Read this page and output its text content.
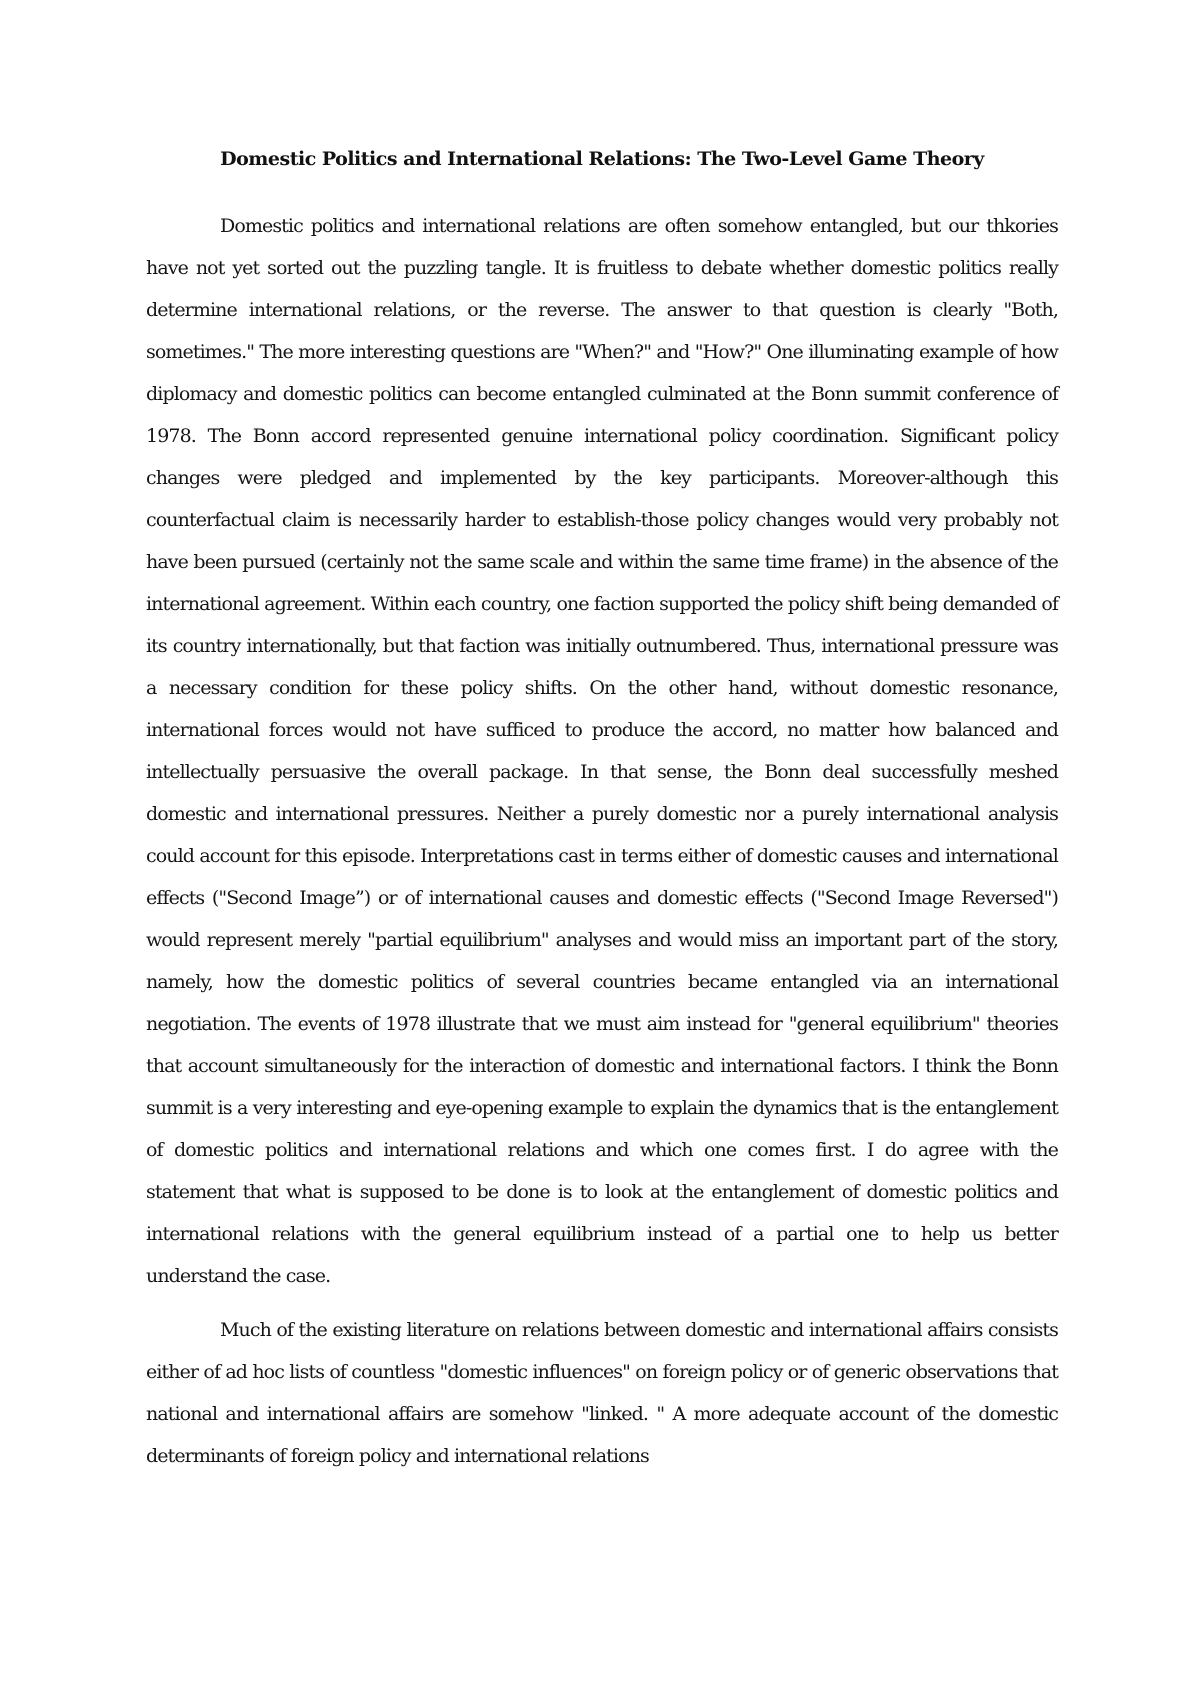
Domestic Politics and International Relations: The Two-Level Game Theory

Domestic politics and international relations are often somehow entangled, but our thkories have not yet sorted out the puzzling tangle. It is fruitless to debate whether domestic politics really determine international relations, or the reverse. The answer to that question is clearly "Both, sometimes." The more interesting questions are "When?" and "How?" One illuminating example of how diplomacy and domestic politics can become entangled culminated at the Bonn summit conference of 1978. The Bonn accord represented genuine international policy coordination. Significant policy changes were pledged and implemented by the key participants. Moreover-although this counterfactual claim is necessarily harder to establish-those policy changes would very probably not have been pursued (certainly not the same scale and within the same time frame) in the absence of the international agreement. Within each country, one faction supported the policy shift being demanded of its country internationally, but that faction was initially outnumbered. Thus, international pressure was a necessary condition for these policy shifts. On the other hand, without domestic resonance, international forces would not have sufficed to produce the accord, no matter how balanced and intellectually persuasive the overall package. In that sense, the Bonn deal successfully meshed domestic and international pressures. Neither a purely domestic nor a purely international analysis could account for this episode. Interpretations cast in terms either of domestic causes and international effects ("Second Image”) or of international causes and domestic effects ("Second Image Reversed") would represent merely "partial equilibrium" analyses and would miss an important part of the story, namely, how the domestic politics of several countries became entangled via an international negotiation. The events of 1978 illustrate that we must aim instead for "general equilibrium" theories that account simultaneously for the interaction of domestic and international factors. I think the Bonn summit is a very interesting and eye-opening example to explain the dynamics that is the entanglement of domestic politics and international relations and which one comes first. I do agree with the statement that what is supposed to be done is to look at the entanglement of domestic politics and international relations with the general equilibrium instead of a partial one to help us better understand the case.

Much of the existing literature on relations between domestic and international affairs consists either of ad hoc lists of countless "domestic influences" on foreign policy or of generic observations that national and international affairs are somehow "linked. " A more adequate account of the domestic determinants of foreign policy and international relations
